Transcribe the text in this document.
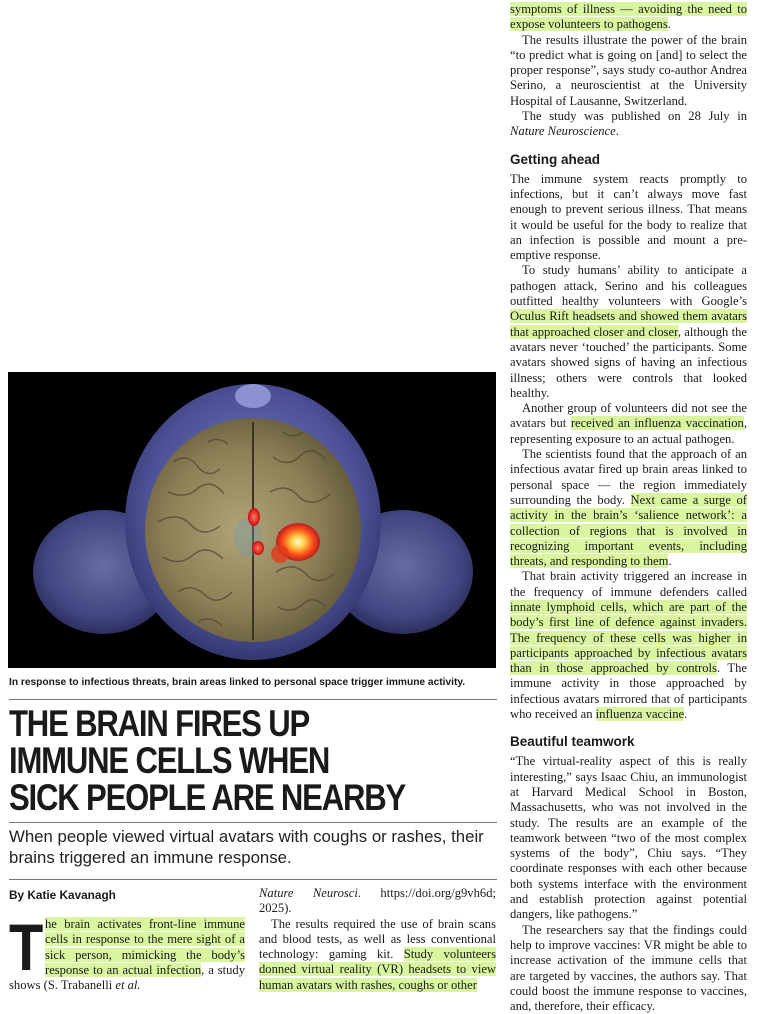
symptoms of illness — avoiding the need to expose volunteers to pathogens.

The results illustrate the power of the brain “to predict what is going on [and] to select the proper response”, says study co-author Andrea Serino, a neuroscientist at the University Hospital of Lausanne, Switzerland.

The study was published on 28 July in Nature Neuroscience.

Getting ahead

The immune system reacts promptly to infections, but it can’t always move fast enough to prevent serious illness. That means it would be useful for the body to realize that an infection is possible and mount a pre-emptive response.

To study humans’ ability to anticipate a pathogen attack, Serino and his colleagues outfitted healthy volunteers with Google’s Oculus Rift headsets and showed them avatars that approached closer and closer, although the avatars never ‘touched’ the participants. Some avatars showed signs of having an infectious illness; others were controls that looked healthy.

Another group of volunteers did not see the avatars but received an influenza vaccination, representing exposure to an actual pathogen.

The scientists found that the approach of an infectious avatar fired up brain areas linked to personal space — the region immediately surrounding the body. Next came a surge of activity in the brain’s ‘salience network’: a collection of regions that is involved in recognizing important events, including threats, and responding to them.

That brain activity triggered an increase in the frequency of immune defenders called innate lymphoid cells, which are part of the body’s first line of defence against invaders. The frequency of these cells was higher in participants approached by infectious avatars than in those approached by controls. The immune activity in those approached by infectious avatars mirrored that of participants who received an influenza vaccine.

Beautiful teamwork

“The virtual-reality aspect of this is really interesting,” says Isaac Chiu, an immunologist at Harvard Medical School in Boston, Massachusetts, who was not involved in the study. The results are an example of the teamwork between “two of the most complex systems of the body”, Chiu says. “They coordinate responses with each other because both systems interface with the environment and establish protection against potential dangers, like pathogens.”

The researchers say that the findings could help to improve vaccines: VR might be able to increase activation of the immune cells that are targeted by vaccines, the authors say. That could boost the immune response to vaccines, and, therefore, their efficacy.

In response to infectious threats, brain areas linked to personal space trigger immune activity.
THE BRAIN FIRES UP
IMMUNE CELLS WHEN
SICK PEOPLE ARE NEARBY

When people viewed virtual avatars with coughs or rashes, their brains triggered an immune response.

By Katie Kavanagh
T he brain activates front-line immune cells in response to the mere sight of a sick person, mimicking the body’s response to an actual infection, a study shows (S. Trabanelli et al.

Nature Neurosci. https://doi.org/g9vh6d; 2025).

The results required the use of brain scans and blood tests, as well as less conventional technology: gaming kit. Study volunteers donned virtual reality (VR) headsets to view human avatars with rashes, coughs or other
